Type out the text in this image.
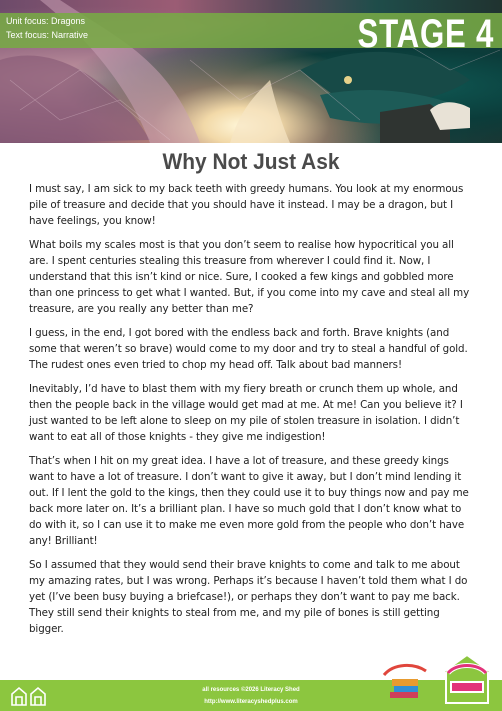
Unit focus: Dragons
Text focus: Narrative	STAGE 4
Why Not Just Ask

I must say, I am sick to my back teeth with greedy humans. You look at my enormous pile of treasure and decide that you should have it instead. I may be a dragon, but I have feelings, you know!

What boils my scales most is that you don’t seem to realise how hypocritical you all are. I spent centuries stealing this treasure from wherever I could find it. Now, I understand that this isn’t kind or nice. Sure, I cooked a few kings and gobbled more than one princess to get what I wanted. But, if you come into my cave and steal all my treasure, are you really any better than me?

I guess, in the end, I got bored with the endless back and forth. Brave knights (and some that weren’t so brave) would come to my door and try to steal a handful of gold. The rudest ones even tried to chop my head off. Talk about bad manners!

Inevitably, I’d have to blast them with my fiery breath or crunch them up whole, and then the people back in the village would get mad at me. At me! Can you believe it? I just wanted to be left alone to sleep on my pile of stolen treasure in isolation. I didn’t want to eat all of those knights - they give me indigestion!

That’s when I hit on my great idea. I have a lot of treasure, and these greedy kings want to have a lot of treasure. I don’t want to give it away, but I don’t mind lending it out. If I lent the gold to the kings, then they could use it to buy things now and pay me back more later on. It’s a brilliant plan. I have so much gold that I don’t know what to do with it, so I can use it to make me even more gold from the people who don’t have any! Brilliant!

So I assumed that they would send their brave knights to come and talk to me about my amazing rates, but I was wrong. Perhaps it’s because I haven’t told them what I do yet (I’ve been busy buying a briefcase!), or perhaps they don’t want to pay me back. They still send their knights to steal from me, and my pile of bones is still getting bigger.

all resources ©2026 Literacy Shed
http://www.literacyshedplus.com
